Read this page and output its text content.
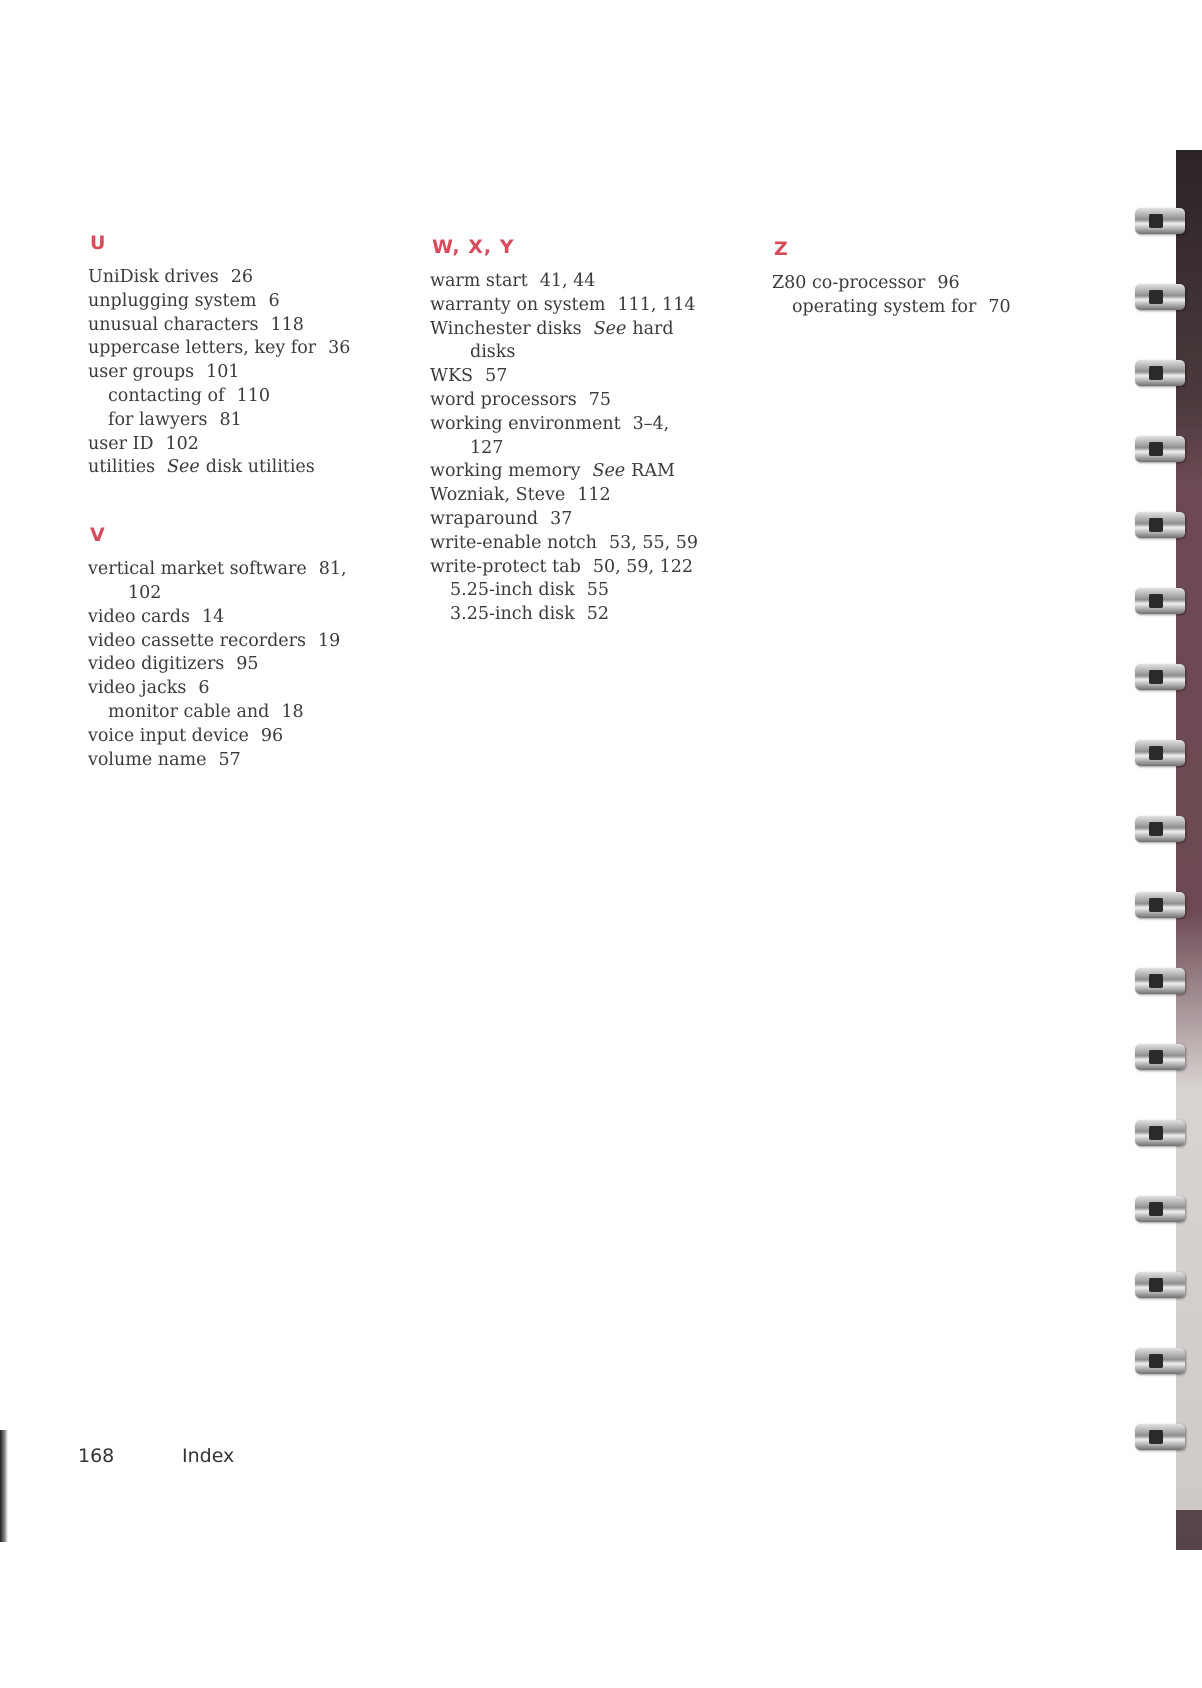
U
UniDisk drives 26
unplugging system 6
unusual characters 118
uppercase letters, key for 36
user groups 101
contacting of 110
for lawyers 81
user ID 102
utilities See disk utilities
V
vertical market software 81,
102
video cards 14
video cassette recorders 19
video digitizers 95
video jacks 6
monitor cable and 18
voice input device 96
volume name 57
W, X, Y
warm start 41, 44
warranty on system 111, 114
Winchester disks See hard
disks
WKS 57
word processors 75
working environment 3–4,
127
working memory See RAM
Wozniak, Steve 112
wraparound 37
write-enable notch 53, 55, 59
write-protect tab 50, 59, 122
5.25-inch disk 55
3.25-inch disk 52
Z
Z80 co-processor 96
operating system for 70
168	Index
